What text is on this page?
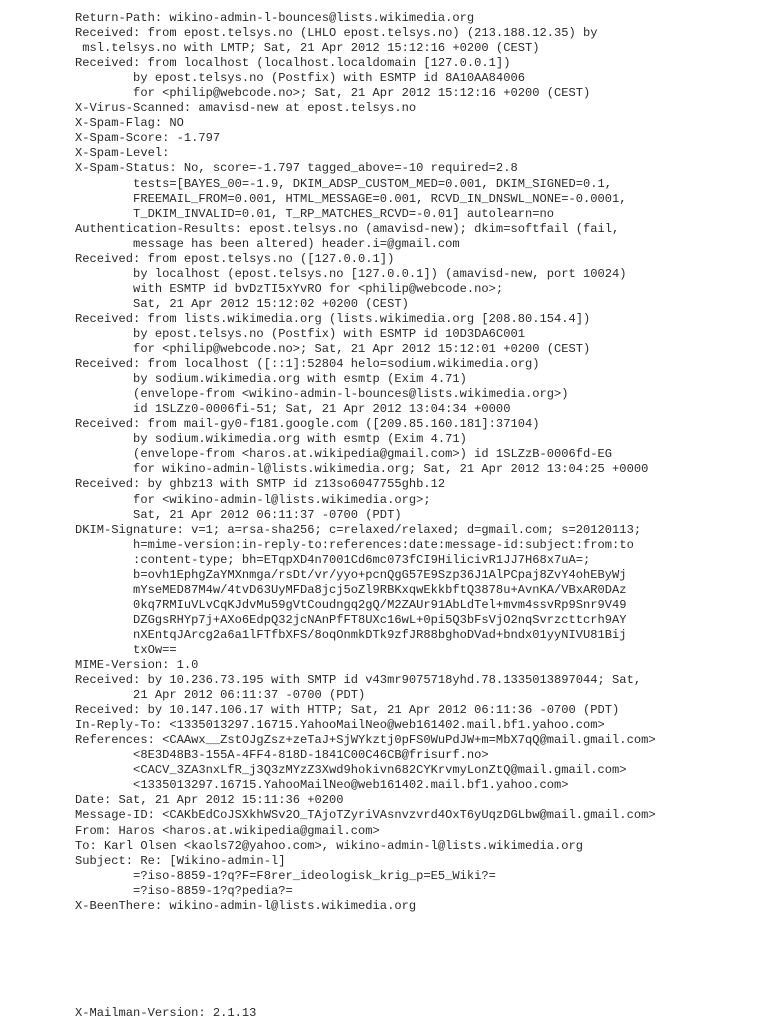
Return-Path: wikino-admin-l-bounces@lists.wikimedia.org
Received: from epost.telsys.no (LHLO epost.telsys.no) (213.188.12.35) by
msl.telsys.no with LMTP; Sat, 21 Apr 2012 15:12:16 +0200 (CEST)
Received: from localhost (localhost.localdomain [127.0.0.1])
by epost.telsys.no (Postfix) with ESMTP id 8A10AA84006
for <philip@webcode.no>; Sat, 21 Apr 2012 15:12:16 +0200 (CEST)
X-Virus-Scanned: amavisd-new at epost.telsys.no
X-Spam-Flag: NO
X-Spam-Score: -1.797
X-Spam-Level:
X-Spam-Status: No, score=-1.797 tagged_above=-10 required=2.8
tests=[BAYES_00=-1.9, DKIM_ADSP_CUSTOM_MED=0.001, DKIM_SIGNED=0.1,
FREEMAIL_FROM=0.001, HTML_MESSAGE=0.001, RCVD_IN_DNSWL_NONE=-0.0001,
T_DKIM_INVALID=0.01, T_RP_MATCHES_RCVD=-0.01] autolearn=no
Authentication-Results: epost.telsys.no (amavisd-new); dkim=softfail (fail,
message has been altered) header.i=@gmail.com
Received: from epost.telsys.no ([127.0.0.1])
by localhost (epost.telsys.no [127.0.0.1]) (amavisd-new, port 10024)
with ESMTP id bvDzTI5xYvRO for <philip@webcode.no>;
Sat, 21 Apr 2012 15:12:02 +0200 (CEST)
Received: from lists.wikimedia.org (lists.wikimedia.org [208.80.154.4])
by epost.telsys.no (Postfix) with ESMTP id 10D3DA6C001
for <philip@webcode.no>; Sat, 21 Apr 2012 15:12:01 +0200 (CEST)
Received: from localhost ([::1]:52804 helo=sodium.wikimedia.org)
by sodium.wikimedia.org with esmtp (Exim 4.71)
(envelope-from <wikino-admin-l-bounces@lists.wikimedia.org>)
id 1SLZz0-0006fi-51; Sat, 21 Apr 2012 13:04:34 +0000
Received: from mail-gy0-f181.google.com ([209.85.160.181]:37104)
by sodium.wikimedia.org with esmtp (Exim 4.71)
(envelope-from <haros.at.wikipedia@gmail.com>) id 1SLZzB-0006fd-EG
for wikino-admin-l@lists.wikimedia.org; Sat, 21 Apr 2012 13:04:25 +0000
Received: by ghbz13 with SMTP id z13so6047755ghb.12
for <wikino-admin-l@lists.wikimedia.org>;
Sat, 21 Apr 2012 06:11:37 -0700 (PDT)
DKIM-Signature: v=1; a=rsa-sha256; c=relaxed/relaxed; d=gmail.com; s=20120113;
h=mime-version:in-reply-to:references:date:message-id:subject:from:to
:content-type; bh=ETqpXD4n7001Cd6mc073fCI9HilicivR1JJ7H68x7uA=;
b=ovh1EphgZaYMXnmga/rsDt/vr/yyo+pcnQgG57E9Szp36J1AlPCpaj8ZvY4ohEByWj
mYseMED87M4w/4tvD63UyMFDa8jcj5oZl9RBKxqwEkkbftQ3878u+AvnKA/VBxAR0DAz
0kq7RMIuVLvCqKJdvMu59gVtCoudngq2gQ/M2ZAUr91AbLdTel+mvm4ssvRp9Snr9V49
DZGgsRHYp7j+AXo6EdpQ32jcNAnPfFT8UXc16wL+0pi5Q3bFsVjO2nqSvrzcttcrh9AY
nXEntqJArcg2a6a1lFTfbXFS/8oqOnmkDTk9zfJR88bghoDVad+bndx01yyNIVU81Bij
txOw==
MIME-Version: 1.0
Received: by 10.236.73.195 with SMTP id v43mr9075718yhd.78.1335013897044; Sat,
21 Apr 2012 06:11:37 -0700 (PDT)
Received: by 10.147.106.17 with HTTP; Sat, 21 Apr 2012 06:11:36 -0700 (PDT)
In-Reply-To: <1335013297.16715.YahooMailNeo@web161402.mail.bf1.yahoo.com>
References: <CAAwx__ZstOJgZsz+zeTaJ+SjWYkztj0pFS0WuPdJW+m=MbX7qQ@mail.gmail.com>
<8E3D48B3-155A-4FF4-818D-1841C00C46CB@frisurf.no>
<CACV_3ZA3nxLfR_j3Q3zMYzZ3Xwd9hokivn682CYKrvmyLonZtQ@mail.gmail.com>
<1335013297.16715.YahooMailNeo@web161402.mail.bf1.yahoo.com>
Date: Sat, 21 Apr 2012 15:11:36 +0200
Message-ID: <CAKbEdCoJSXkhWSv2O_TAjoTZyriVAsnvzvrd4OxT6yUqzDGLbw@mail.gmail.com>
From: Haros <haros.at.wikipedia@gmail.com>
To: Karl Olsen <kaols72@yahoo.com>, wikino-admin-l@lists.wikimedia.org
Subject: Re: [Wikino-admin-l]
=?iso-8859-1?q?F=F8rer_ideologisk_krig_p=E5_Wiki?=
=?iso-8859-1?q?pedia?=
X-BeenThere: wikino-admin-l@lists.wikimedia.org
X-Mailman-Version: 2.1.13
